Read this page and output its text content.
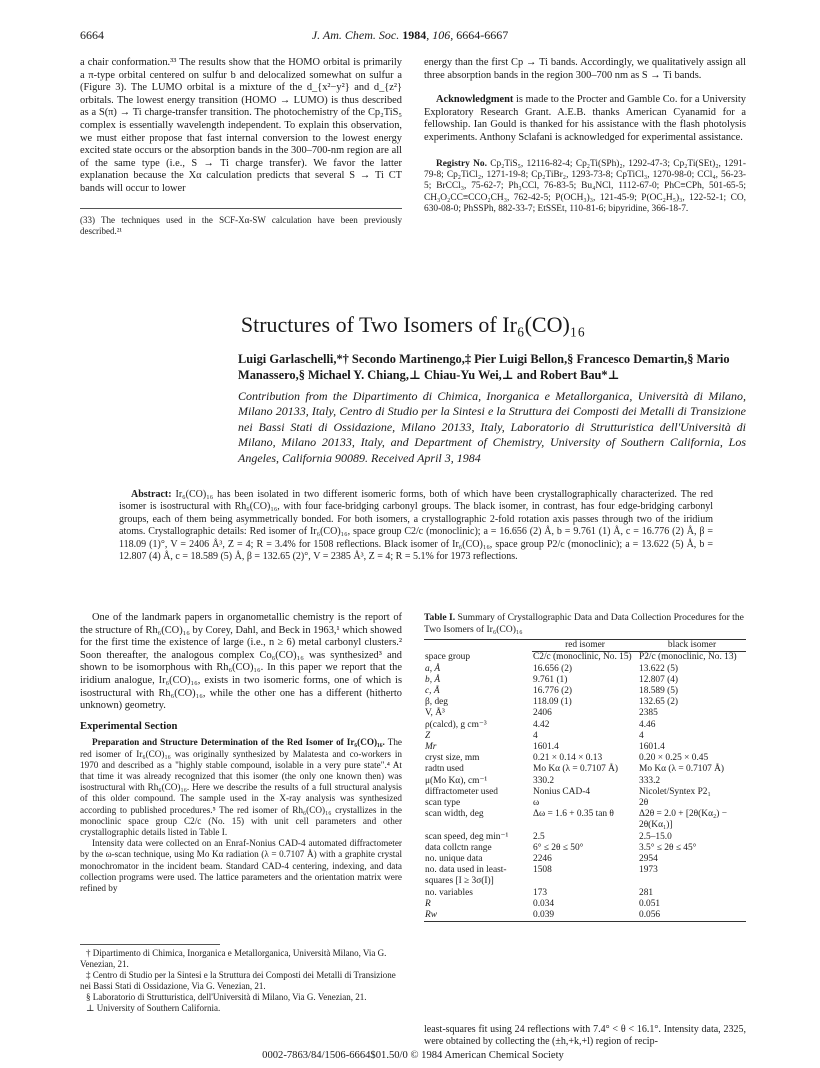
6664	J. Am. Chem. Soc. 1984, 106, 6664-6667

a chair conformation.³³ The results show that the HOMO orbital is primarily a π-type orbital centered on sulfur b and delocalized somewhat on sulfur a (Figure 3). The LUMO orbital is a mixture of the d_{x²−y²} and d_{z²} orbitals. The lowest energy transition (HOMO → LUMO) is thus described as a S(π) → Ti charge-transfer transition. The photochemistry of the Cp₂TiS₅ complex is essentially wavelength independent. To explain this observation, we must either propose that fast internal conversion to the lowest energy excited state occurs or the absorption bands in the 300–700-nm region are all of the same type (i.e., S → Ti charge transfer). We favor the latter explanation because the Xα calculation predicts that several S → Ti CT bands will occur to lower

(33) The techniques used in the SCF-Xα-SW calculation have been previously described.²¹

energy than the first Cp → Ti bands. Accordingly, we qualitatively assign all three absorption bands in the region 300–700 nm as S → Ti bands.

Acknowledgment is made to the Procter and Gamble Co. for a University Exploratory Research Grant. A.E.B. thanks American Cyanamid for a fellowship. Ian Gould is thanked for his assistance with the flash photolysis experiments. Anthony Sclafani is acknowledged for experimental assistance.

Registry No. Cp₂TiS₅, 12116-82-4; Cp₂Ti(SPh)₂, 1292-47-3; Cp₂Ti(SEt)₂, 1291-79-8; Cp₂TiCl₂, 1271-19-8; Cp₂TiBr₂, 1293-73-8; CpTiCl₃, 1270-98-0; CCl₄, 56-23-5; BrCCl₃, 75-62-7; Ph₃CCl, 76-83-5; Bu₄NCl, 1112-67-0; PhC≡CPh, 501-65-5; CH₃O₂CC≡CCO₂CH₃, 762-42-5; P(OCH₃)₃, 121-45-9; P(OC₂H₅)₃, 122-52-1; CO, 630-08-0; PhSSPh, 882-33-7; EtSSEt, 110-81-6; bipyridine, 366-18-7.

Structures of Two Isomers of Ir₆(CO)₁₆
Luigi Garlaschelli,*† Secondo Martinengo,‡ Pier Luigi Bellon,§ Francesco Demartin,§ Mario Manassero,§ Michael Y. Chiang,⊥ Chiau-Yu Wei,⊥ and Robert Bau*⊥
Contribution from the Dipartimento di Chimica, Inorganica e Metallorganica, Università di Milano, Milano 20133, Italy, Centro di Studio per la Sintesi e la Struttura dei Composti dei Metalli di Transizione nei Bassi Stati di Ossidazione, Milano 20133, Italy, Laboratorio di Strutturistica dell'Università di Milano, Milano 20133, Italy, and Department of Chemistry, University of Southern California, Los Angeles, California 90089. Received April 3, 1984

Abstract: Ir₆(CO)₁₆ has been isolated in two different isomeric forms, both of which have been crystallographically characterized. The red isomer is isostructural with Rh₆(CO)₁₆, with four face-bridging carbonyl groups. The black isomer, in contrast, has four edge-bridging carbonyl groups, each of them being asymmetrically bonded. For both isomers, a crystallographic 2-fold rotation axis passes through two of the iridium atoms. Crystallographic details: Red isomer of Ir₆(CO)₁₆, space group C2/c (monoclinic); a = 16.656 (2) Å, b = 9.761 (1) Å, c = 16.776 (2) Å, β = 118.09 (1)°, V = 2406 Å³, Z = 4; R = 3.4% for 1508 reflections. Black isomer of Ir₆(CO)₁₆, space group P2/c (monoclinic); a = 13.622 (5) Å, b = 12.807 (4) Å, c = 18.589 (5) Å, β = 132.65 (2)°, V = 2385 Å³, Z = 4; R = 5.1% for 1973 reflections.

One of the landmark papers in organometallic chemistry is the report of the structure of Rh₆(CO)₁₆ by Corey, Dahl, and Beck in 1963,¹ which showed for the first time the existence of large (i.e., n ≥ 6) metal carbonyl clusters.² Soon thereafter, the analogous complex Co₆(CO)₁₆ was synthesized³ and shown to be isomorphous with Rh₆(CO)₁₆. In this paper we report that the iridium analogue, Ir₆(CO)₁₆, exists in two isomeric forms, one of which is isostructural with Rh₆(CO)₁₆, while the other one has a different (hitherto unknown) geometry.

Experimental Section

Preparation and Structure Determination of the Red Isomer of Ir₆(CO)₁₆. The red isomer of Ir₆(CO)₁₆ was originally synthesized by Malatesta and co-workers in 1970 and described as a "highly stable compound, isolable in a very pure state".⁴ At that time it was already recognized that this isomer (the only one known then) was isostructural with Rh₆(CO)₁₆. Here we describe the results of a full structural analysis of this older compound. The sample used in the X-ray analysis was synthesized according to published procedures.⁵ The red isomer of Rh₆(CO)₁₆ crystallizes in the monoclinic space group C2/c (No. 15) with unit cell parameters and other crystallographic details listed in Table I.

Intensity data were collected on an Enraf-Nonius CAD-4 automated diffractometer by the ω-scan technique, using Mo Kα radiation (λ = 0.7107 Å) with a graphite crystal monochromator in the incident beam. Standard CAD-4 centering, indexing, and data collection programs were used. The lattice parameters and the orientation matrix were refined by

† Dipartimento di Chimica, Inorganica e Metallorganica, Università Milano, Via G. Venezian, 21.

‡ Centro di Studio per la Sintesi e la Struttura dei Composti dei Metalli di Transizione nei Bassi Stati di Ossidazione, Via G. Venezian, 21.

§ Laboratorio di Strutturistica, dell'Università di Milano, Via G. Venezian, 21.

⊥ University of Southern California.

Table I. Summary of Crystallographic Data and Data Collection Procedures for the Two Isomers of Ir₆(CO)₁₆
	red isomer	black isomer
space group	C2/c (monoclinic, No. 15)	P2/c (monoclinic, No. 13)
a, Å	16.656 (2)	13.622 (5)
b, Å	9.761 (1)	12.807 (4)
c, Å	16.776 (2)	18.589 (5)
β, deg	118.09 (1)	132.65 (2)
V, Å³	2406	2385
ρ(calcd), g cm⁻³	4.42	4.46
Z	4	4
Mr	1601.4	1601.4
cryst size, mm	0.21 × 0.14 × 0.13	0.20 × 0.25 × 0.45
radtn used	Mo Kα (λ = 0.7107 Å)	Mo Kα (λ = 0.7107 Å)
μ(Mo Kα), cm⁻¹	330.2	333.2
diffractometer used	Nonius CAD-4	Nicolet/Syntex P2₁
scan type	ω	2θ
scan width, deg	Δω = 1.6 + 0.35 tan θ	Δ2θ = 2.0 + [2θ(Kα₂) − 2θ(Kα₁)]
scan speed, deg min⁻¹	2.5	2.5–15.0
data collctn range	6° ≤ 2θ ≤ 50°	3.5° ≤ 2θ ≤ 45°
no. unique data	2246	2954
no. data used in least-squares [I ≥ 3σ(I)]	1508	1973
no. variables	173	281
R	0.034	0.051
Rw	0.039	0.056
least-squares fit using 24 reflections with 7.4° < θ < 16.1°. Intensity data, 2325, were obtained by collecting the (±h,+k,+l) region of recip-
0002-7863/84/1506-6664$01.50/0 © 1984 American Chemical Society
